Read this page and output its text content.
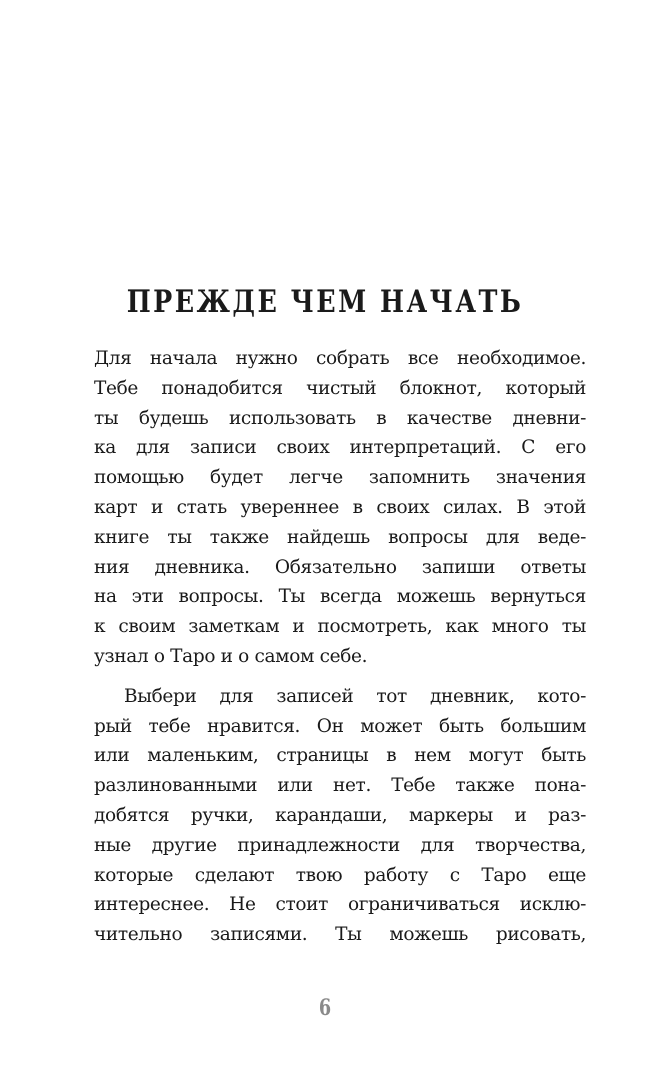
ПРЕЖДЕ ЧЕМ НАЧАТЬ

Для начала нужно собрать все необходимое.
Тебе понадобится чистый блокнот, который
ты будешь использовать в качестве дневни-
ка для записи своих интерпретаций. С его
помощью будет легче запомнить значения
карт и стать увереннее в своих силах. В этой
книге ты также найдешь вопросы для веде-
ния дневника. Обязательно запиши ответы
на эти вопросы. Ты всегда можешь вернуться
к своим заметкам и посмотреть, как много ты
узнал о Таро и о самом себе.

Выбери для записей тот дневник, кото-
рый тебе нравится. Он может быть большим
или маленьким, страницы в нем могут быть
разлинованными или нет. Тебе также пона-
добятся ручки, карандаши, маркеры и раз-
ные другие принадлежности для творчества,
которые сделают твою работу с Таро еще
интереснее. Не стоит ограничиваться исклю-
чительно записями. Ты можешь рисовать,

6
